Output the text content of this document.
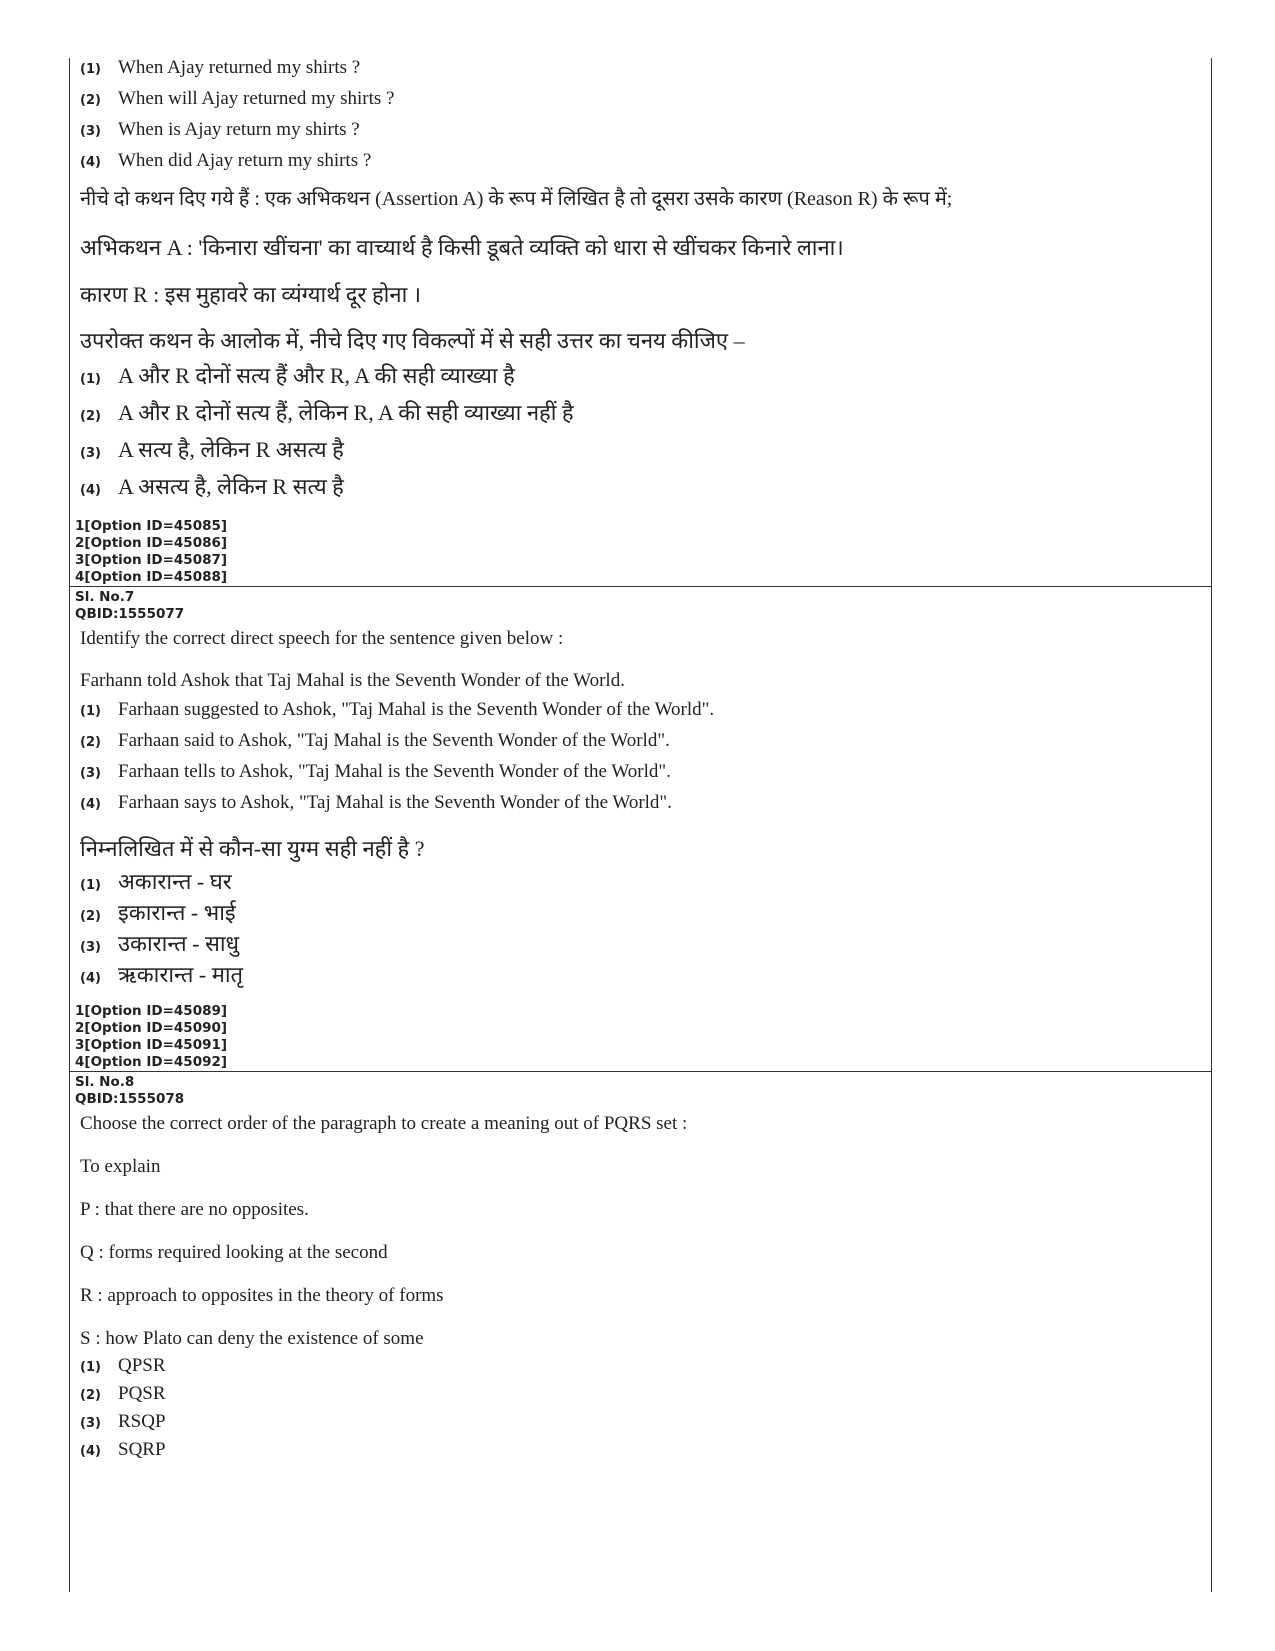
(1) When Ajay returned my shirts ?
(2) When will Ajay returned my shirts ?
(3) When is Ajay return my shirts ?
(4) When did Ajay return my shirts ?
नीचे दो कथन दिए गये हैं : एक अभिकथन (Assertion A) के रूप में लिखित है तो दूसरा उसके कारण (Reason R) के रूप में;
अभिकथन A : 'किनारा खींचना' का वाच्यार्थ है किसी डूबते व्यक्ति को धारा से खींचकर किनारे लाना।
कारण R : इस मुहावरे का व्यंग्यार्थ दूर होना ।
उपरोक्त कथन के आलोक में, नीचे दिए गए विकल्पों में से सही उत्तर का चनय कीजिए –
(1) A और R दोनों सत्य हैं और R, A की सही व्याख्या है
(2) A और R दोनों सत्य हैं, लेकिन R, A की सही व्याख्या नहीं है
(3) A सत्य है, लेकिन R असत्य है
(4) A असत्य है, लेकिन R सत्य है
1[Option ID=45085]
2[Option ID=45086]
3[Option ID=45087]
4[Option ID=45088]
Sl. No.7
QBID:1555077
Identify the correct direct speech for the sentence given below :
Farhann told Ashok that Taj Mahal is the Seventh Wonder of the World.
(1) Farhaan suggested to Ashok, "Taj Mahal is the Seventh Wonder of the World".
(2) Farhaan said to Ashok, "Taj Mahal is the Seventh Wonder of the World".
(3) Farhaan tells to Ashok, "Taj Mahal is the Seventh Wonder of the World".
(4) Farhaan says to Ashok, "Taj Mahal is the Seventh Wonder of the World".
निम्नलिखित में से कौन-सा युग्म सही नहीं है ?
(1) अकारान्त - घर
(2) इकारान्त - भाई
(3) उकारान्त - साधु
(4) ऋकारान्त - मातृ
1[Option ID=45089]
2[Option ID=45090]
3[Option ID=45091]
4[Option ID=45092]
Sl. No.8
QBID:1555078
Choose the correct order of the paragraph to create a meaning out of PQRS set :
To explain
P : that there are no opposites.
Q : forms required looking at the second
R : approach to opposites in the theory of forms
S : how Plato can deny the existence of some
(1) QPSR
(2) PQSR
(3) RSQP
(4) SQRP
